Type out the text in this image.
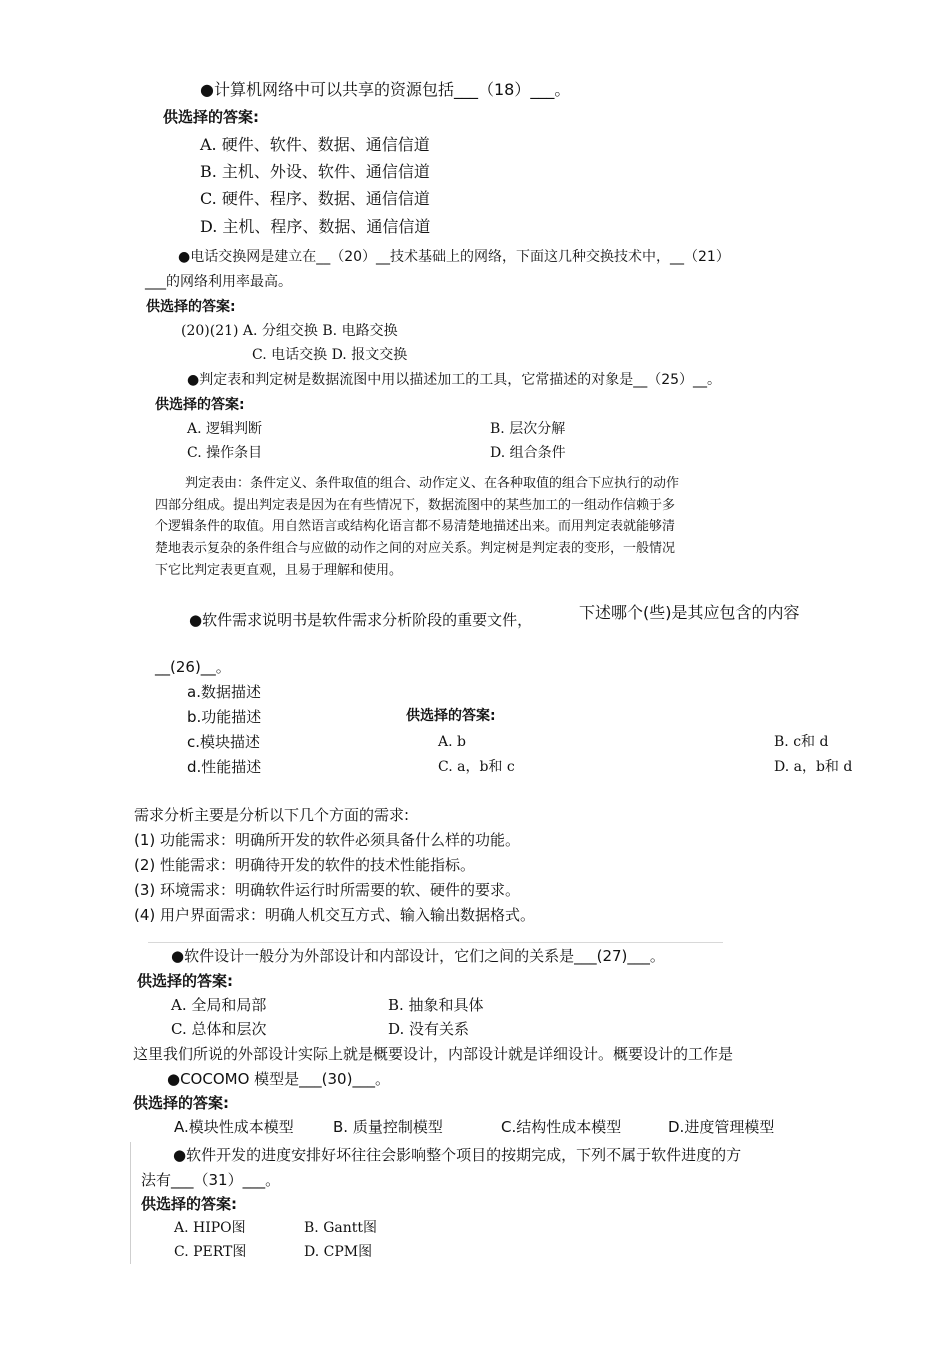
●计算机网络中可以共享的资源包括___（18）___。
供选择的答案:
A. 硬件、软件、数据、通信信道
B. 主机、外设、软件、通信信道
C. 硬件、程序、数据、通信信道
D. 主机、程序、数据、通信信道
●电话交换网是建立在__（20）__技术基础上的网络，下面这几种交换技术中，__（21）
___的网络利用率最高。
供选择的答案:
(20)(21) A. 分组交换 B. 电路交换
C. 电话交换 D. 报文交换
●判定表和判定树是数据流图中用以描述加工的工具，它常描述的对象是__（25）__。
供选择的答案:
A. 逻辑判断	B. 层次分解
C. 操作条目	D. 组合条件
判定表由：条件定义、条件取值的组合、动作定义、在各种取值的组合下应执行的动作
四部分组成。提出判定表是因为在有些情况下，数据流图中的某些加工的一组动作信赖于多
个逻辑条件的取值。用自然语言或结构化语言都不易清楚地描述出来。而用判定表就能够清
楚地表示复杂的条件组合与应做的动作之间的对应关系。判定树是判定表的变形，一般情况
下它比判定表更直观，且易于理解和使用。
●软件需求说明书是软件需求分析阶段的重要文件，	下述哪个(些)是其应包含的内容
__(26)__。
a.数据描述
b.功能描述
c.模块描述
d.性能描述
供选择的答案:
A. b	B. c和 d
C. a，b和 c	D. a，b和 d
需求分析主要是分析以下几个方面的需求:
(1) 功能需求：明确所开发的软件必须具备什么样的功能。
(2) 性能需求：明确待开发的软件的技术性能指标。
(3) 环境需求：明确软件运行时所需要的软、硬件的要求。
(4) 用户界面需求：明确人机交互方式、输入输出数据格式。
●软件设计一般分为外部设计和内部设计，它们之间的关系是___(27)___。
供选择的答案:
A. 全局和局部	B. 抽象和具体
C. 总体和层次	D. 没有关系
这里我们所说的外部设计实际上就是概要设计，内部设计就是详细设计。概要设计的工作是
●COCOMO 模型是___(30)___。
供选择的答案:
A.模块性成本模型	B. 质量控制模型	C.结构性成本模型	D.进度管理模型
●软件开发的进度安排好坏往往会影响整个项目的按期完成，下列不属于软件进度的方
法有___（31）___。
供选择的答案:
A. HIPO图	B. Gantt图
C. PERT图	D. CPM图
